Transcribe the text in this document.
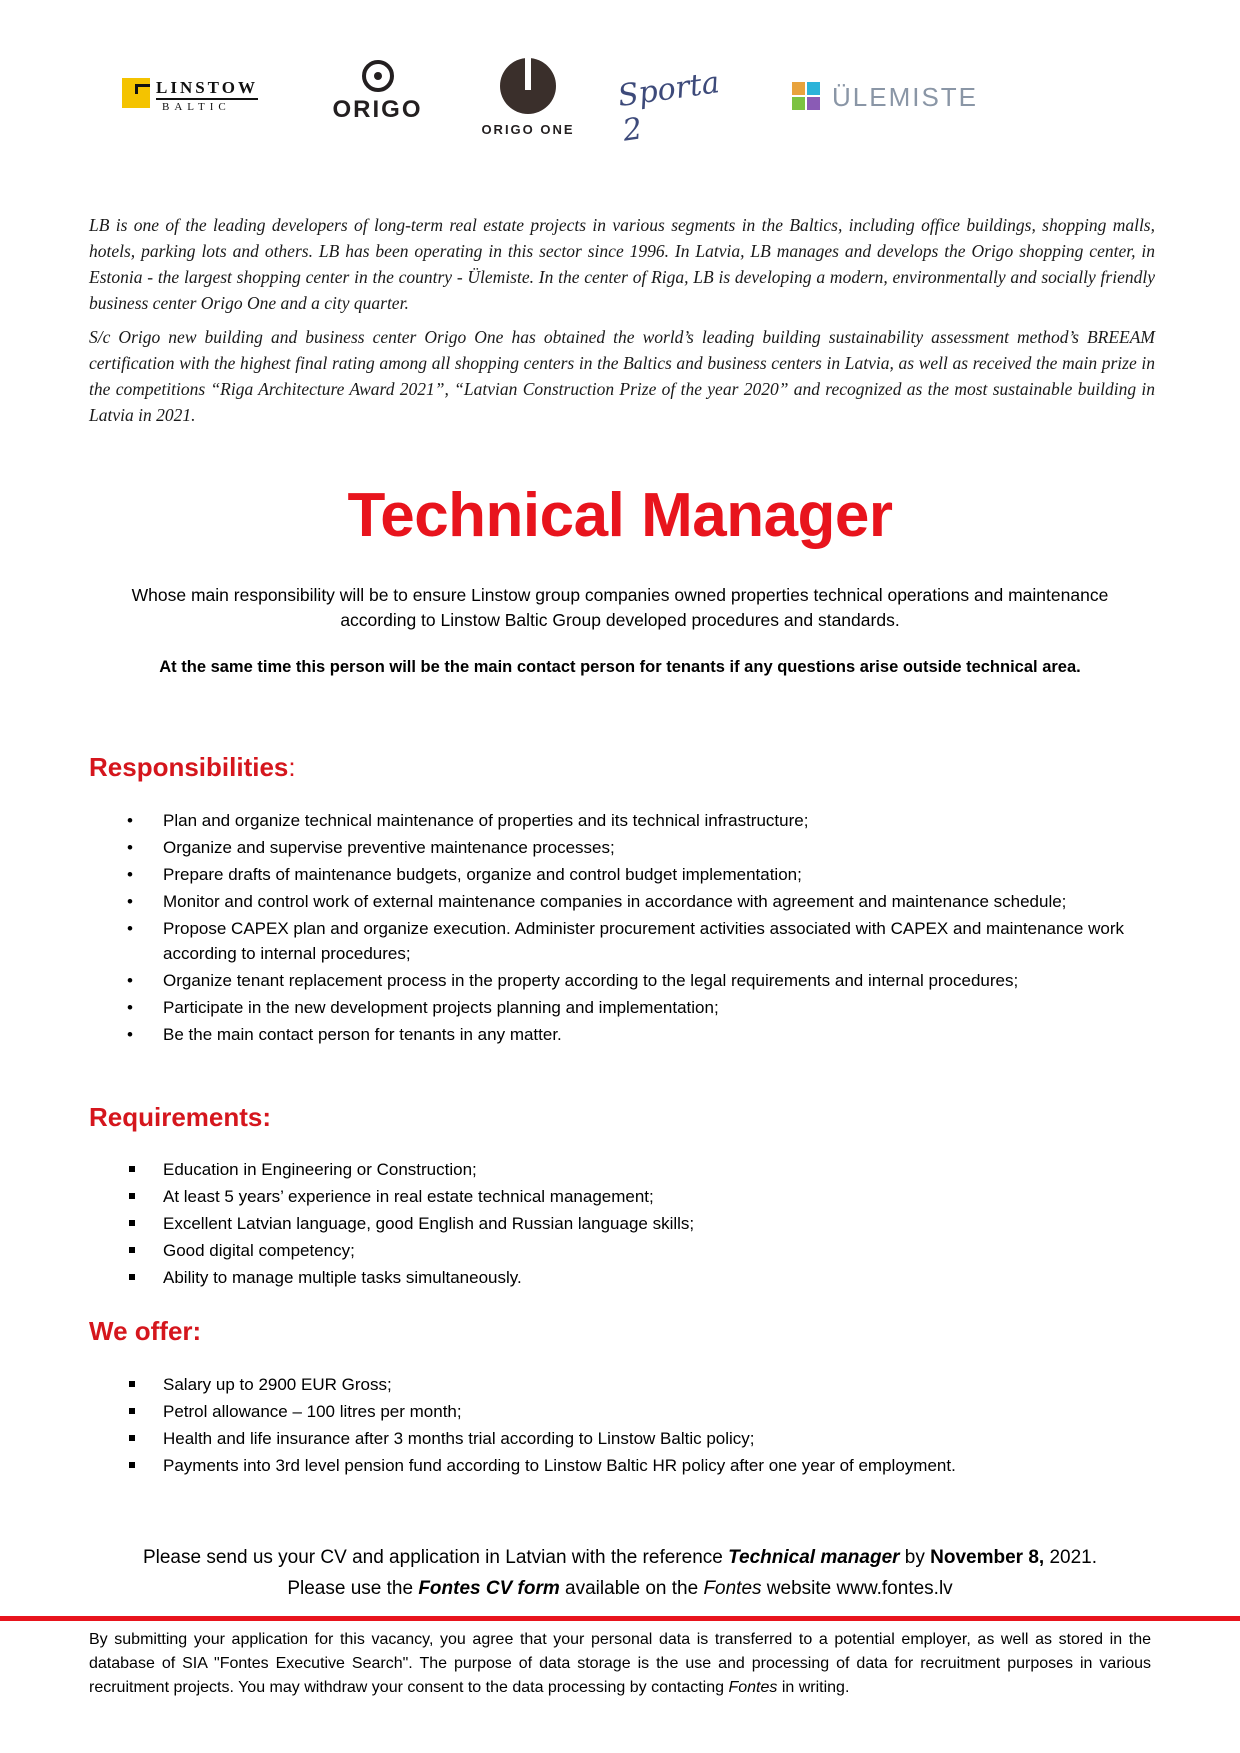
LINSTOW
BALTIC	ORIGO
ORIGO ONE
Sporta 2
ÜLEMISTE

LB is one of the leading developers of long-term real estate projects in various segments in the Baltics, including office buildings, shopping malls, hotels, parking lots and others. LB has been operating in this sector since 1996. In Latvia, LB manages and develops the Origo shopping center, in Estonia - the largest shopping center in the country - Ülemiste. In the center of Riga, LB is developing a modern, environmentally and socially friendly business center Origo One and a city quarter.

S/c Origo new building and business center Origo One has obtained the world’s leading building sustainability assessment method’s BREEAM certification with the highest final rating among all shopping centers in the Baltics and business centers in Latvia, as well as received the main prize in the competitions “Riga Architecture Award 2021”, “Latvian Construction Prize of the year 2020” and recognized as the most sustainable building in Latvia in 2021.

Technical Manager
Whose main responsibility will be to ensure Linstow group companies owned properties technical operations and maintenance according to Linstow Baltic Group developed procedures and standards.
At the same time this person will be the main contact person for tenants if any questions arise outside technical area.
Responsibilities:
• Plan and organize technical maintenance of properties and its technical infrastructure;
• Organize and supervise preventive maintenance processes;
• Prepare drafts of maintenance budgets, organize and control budget implementation;
• Monitor and control work of external maintenance companies in accordance with agreement and maintenance schedule;
• Propose CAPEX plan and organize execution. Administer procurement activities associated with CAPEX and maintenance work according to internal procedures;
• Organize tenant replacement process in the property according to the legal requirements and internal procedures;
• Participate in the new development projects planning and implementation;
• Be the main contact person for tenants in any matter.
Requirements:
Education in Engineering or Construction;
At least 5 years’ experience in real estate technical management;
Excellent Latvian language, good English and Russian language skills;
Good digital competency;
Ability to manage multiple tasks simultaneously.
We offer:
Salary up to 2900 EUR Gross;
Petrol allowance – 100 litres per month;
Health and life insurance after 3 months trial according to Linstow Baltic policy;
Payments into 3rd level pension fund according to Linstow Baltic HR policy after one year of employment.
Please send us your CV and application in Latvian with the reference Technical manager by November 8, 2021.
Please use the Fontes CV form available on the Fontes website www.fontes.lv
By submitting your application for this vacancy, you agree that your personal data is transferred to a potential employer, as well as stored in the database of SIA "Fontes Executive Search". The purpose of data storage is the use and processing of data for recruitment purposes in various recruitment projects. You may withdraw your consent to the data processing by contacting Fontes in writing.
